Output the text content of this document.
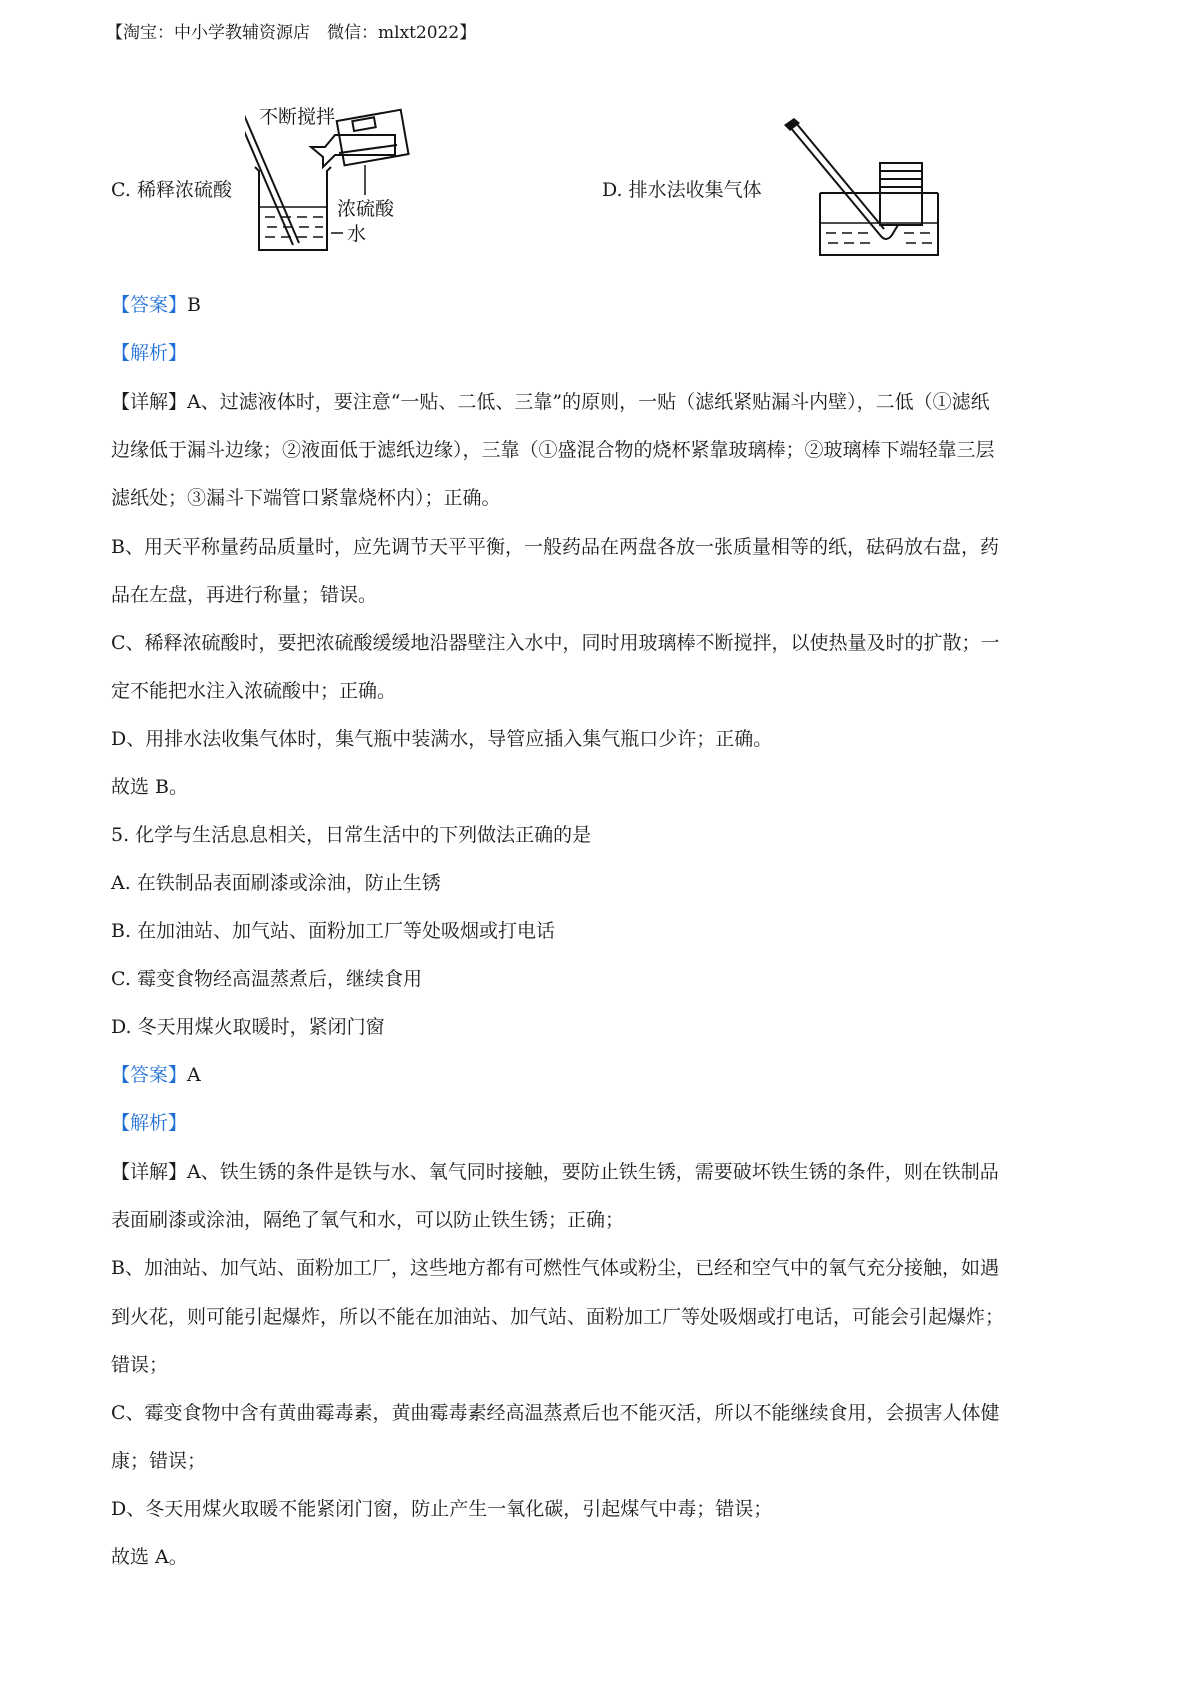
【淘宝：中小学教辅资源店　微信：mlxt2022】
C. 稀释浓硫酸
不断搅拌
浓硫酸
水
D. 排水法收集气体
【答案】B
【解析】
【详解】A、过滤液体时，要注意“一贴、二低、三靠”的原则，一贴（滤纸紧贴漏斗内壁），二低（①滤纸
边缘低于漏斗边缘；②液面低于滤纸边缘），三靠（①盛混合物的烧杯紧靠玻璃棒；②玻璃棒下端轻靠三层
滤纸处；③漏斗下端管口紧靠烧杯内）；正确。
B、用天平称量药品质量时，应先调节天平平衡，一般药品在两盘各放一张质量相等的纸，砝码放右盘，药
品在左盘，再进行称量；错误。
C、稀释浓硫酸时，要把浓硫酸缓缓地沿器壁注入水中，同时用玻璃棒不断搅拌，以使热量及时的扩散；一
定不能把水注入浓硫酸中；正确。
D、用排水法收集气体时，集气瓶中装满水，导管应插入集气瓶口少许；正确。
故选 B。
5. 化学与生活息息相关，日常生活中的下列做法正确的是
A. 在铁制品表面刷漆或涂油，防止生锈
B. 在加油站、加气站、面粉加工厂等处吸烟或打电话
C. 霉变食物经高温蒸煮后，继续食用
D. 冬天用煤火取暖时，紧闭门窗
【答案】A
【解析】
【详解】A、铁生锈的条件是铁与水、氧气同时接触，要防止铁生锈，需要破坏铁生锈的条件，则在铁制品
表面刷漆或涂油，隔绝了氧气和水，可以防止铁生锈；正确；
B、加油站、加气站、面粉加工厂，这些地方都有可燃性气体或粉尘，已经和空气中的氧气充分接触，如遇
到火花，则可能引起爆炸，所以不能在加油站、加气站、面粉加工厂等处吸烟或打电话，可能会引起爆炸；
错误；
C、霉变食物中含有黄曲霉毒素，黄曲霉毒素经高温蒸煮后也不能灭活，所以不能继续食用，会损害人体健
康；错误；
D、冬天用煤火取暖不能紧闭门窗，防止产生一氧化碳，引起煤气中毒；错误；
故选 A。
